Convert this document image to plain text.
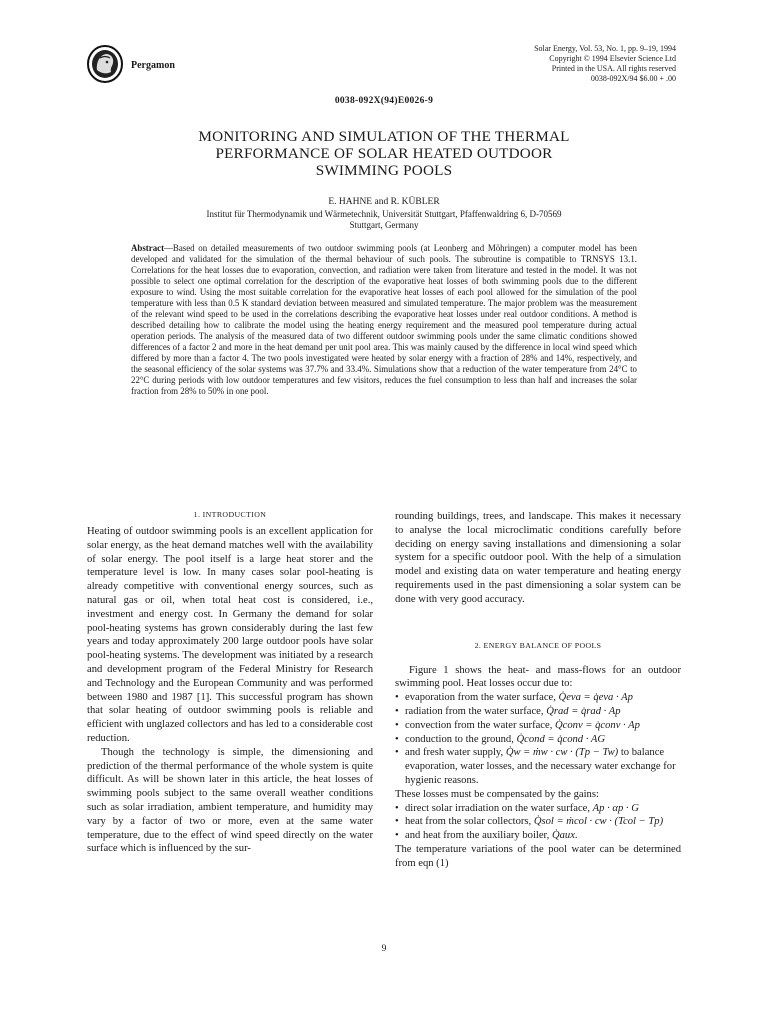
Pergamon
Solar Energy, Vol. 53, No. 1, pp. 9–19, 1994
Copyright © 1994 Elsevier Science Ltd
Printed in the USA. All rights reserved
0038-092X/94 $6.00 + .00
0038-092X(94)E0026-9
MONITORING AND SIMULATION OF THE THERMAL
PERFORMANCE OF SOLAR HEATED OUTDOOR
SWIMMING POOLS
E. HAHNE and R. KÜBLER
Institut für Thermodynamik und Wärmetechnik, Universität Stuttgart, Pfaffenwaldring 6, D-70569
Stuttgart, Germany
Abstract—Based on detailed measurements of two outdoor swimming pools (at Leonberg and Möhringen) a computer model has been developed and validated for the simulation of the thermal behaviour of such pools. The subroutine is compatible to TRNSYS 13.1. Correlations for the heat losses due to evaporation, convection, and radiation were taken from literature and tested in the model. It was not possible to select one optimal correlation for the description of the evaporative heat losses of both swimming pools due to the different exposure to wind. Using the most suitable correlation for the evaporative heat losses of each pool allowed for the simulation of the pool temperature with less than 0.5 K standard deviation between measured and simulated temperature. The major problem was the measurement of the relevant wind speed to be used in the correlations describing the evaporative heat losses under real outdoor conditions. A method is described detailing how to calibrate the model using the heating energy requirement and the measured pool temperature during actual operation periods. The analysis of the measured data of two different outdoor swimming pools under the same climatic conditions showed differences of a factor 2 and more in the heat demand per unit pool area. This was mainly caused by the difference in local wind speed which differed by more than a factor 4. The two pools investigated were heated by solar energy with a fraction of 28% and 14%, respectively, and the seasonal efficiency of the solar systems was 37.7% and 33.4%. Simulations show that a reduction of the water temperature from 24°C to 22°C during periods with low outdoor temperatures and few visitors, reduces the fuel consumption to less than half and increases the solar fraction from 28% to 50% in one pool.
1. INTRODUCTION

Heating of outdoor swimming pools is an excellent application for solar energy, as the heat demand matches well with the availability of solar energy. The pool itself is a large heat storer and the temperature level is low. In many cases solar pool-heating is already competitive with conventional energy sources, such as natural gas or oil, when total heat cost is considered, i.e., investment and energy cost. In Germany the demand for solar pool-heating systems has grown considerably during the last few years and today approximately 200 large outdoor pools have solar pool-heating systems. The development was initiated by a research and development program of the Federal Ministry for Research and Technology and the European Community and was performed between 1980 and 1987 [1]. This successful program has shown that solar heating of outdoor swimming pools is reliable and efficient with unglazed collectors and has led to a considerable cost reduction.

Though the technology is simple, the dimensioning and prediction of the thermal performance of the whole system is quite difficult. As will be shown later in this article, the heat losses of swimming pools subject to the same overall weather conditions such as solar irradiation, ambient temperature, and humidity may vary by a factor of two or more, even at the same water temperature, due to the effect of wind speed directly on the water surface which is influenced by the sur-

rounding buildings, trees, and landscape. This makes it necessary to analyse the local microclimatic conditions carefully before deciding on energy saving installations and dimensioning a solar system for a specific outdoor pool. With the help of a simulation model and existing data on water temperature and heating energy requirements used in the past dimensioning a solar system can be done with very good accuracy.

2. ENERGY BALANCE OF POOLS

Figure 1 shows the heat- and mass-flows for an outdoor swimming pool. Heat losses occur due to:

• evaporation from the water surface, Q̇eva = q̇eva · Ap
• radiation from the water surface, Q̇rad = q̇rad · Ap
• convection from the water surface, Q̇conv = q̇conv · Ap
• conduction to the ground, Q̇cond = q̇cond · AG
• and fresh water supply, Q̇w = ṁw · cw · (Tp − Tw) to balance evaporation, water losses, and the necessary water exchange for hygienic reasons.

These losses must be compensated by the gains:

• direct solar irradiation on the water surface, Ap · αp · G
• heat from the solar collectors, Q̇sol = ṁcol · cw · (Tcol − Tp)
• and heat from the auxiliary boiler, Q̇aux.

The temperature variations of the pool water can be determined from eqn (1)

9
